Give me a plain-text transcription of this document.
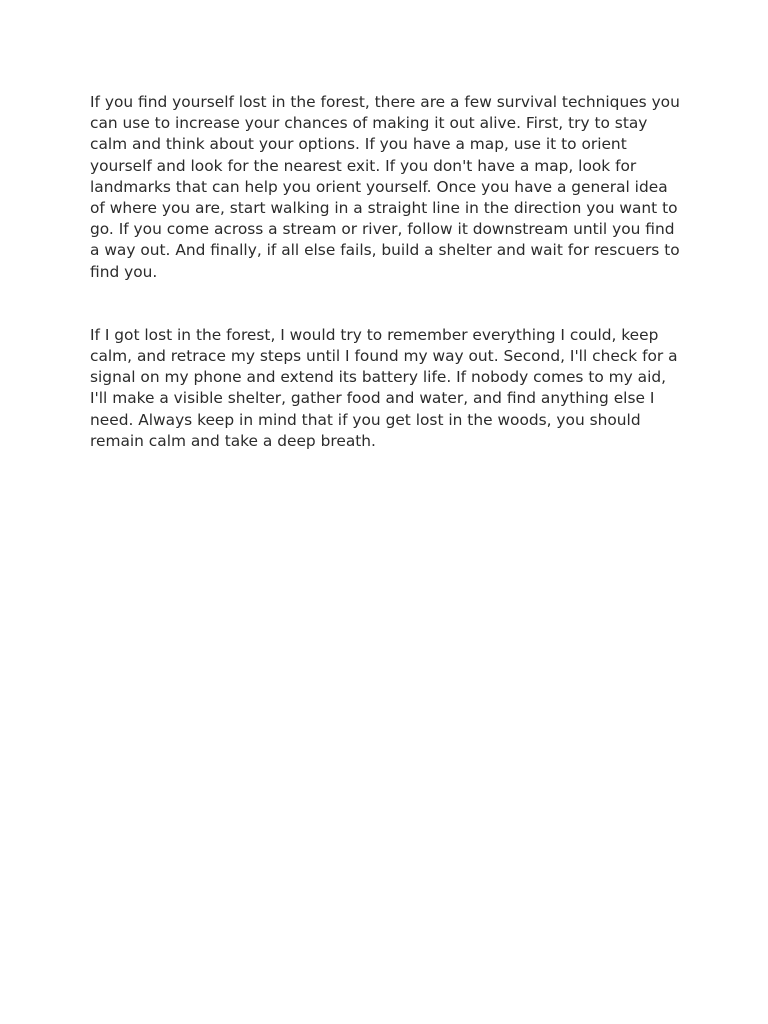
If you find yourself lost in the forest, there are a few survival techniques you can use to increase your chances of making it out alive. First, try to stay calm and think about your options. If you have a map, use it to orient yourself and look for the nearest exit. If you don't have a map, look for landmarks that can help you orient yourself. Once you have a general idea of where you are, start walking in a straight line in the direction you want to go. If you come across a stream or river, follow it downstream until you find a way out. And finally, if all else fails, build a shelter and wait for rescuers to find you.

If I got lost in the forest, I would try to remember everything I could, keep calm, and retrace my steps until I found my way out. Second, I'll check for a signal on my phone and extend its battery life. If nobody comes to my aid, I'll make a visible shelter, gather food and water, and find anything else I need. Always keep in mind that if you get lost in the woods, you should remain calm and take a deep breath.
